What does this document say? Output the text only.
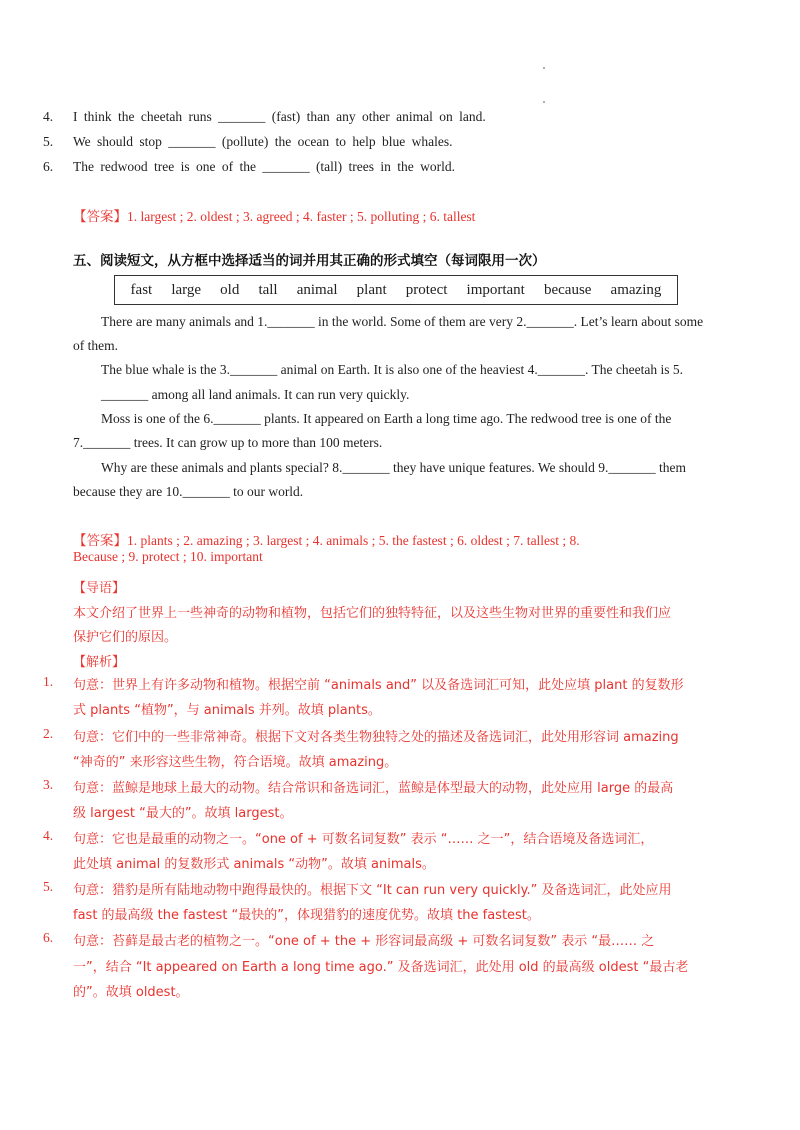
4. I think the cheetah runs _______ (fast) than any other animal on land.
5. We should stop _______ (pollute) the ocean to help blue whales.
6. The redwood tree is one of the _______ (tall) trees in the world.
【答案】1. largest ; 2. oldest ; 3. agreed ; 4. faster ; 5. polluting ; 6. tallest
五、阅读短文，从方框中选择适当的词并用其正确的形式填空（每词限用一次）
fast large old tall animal plant protect important because amazing
There are many animals and 1._______ in the world. Some of them are very 2._______. Let’s learn about some
of them.
The blue whale is the 3._______ animal on Earth. It is also one of the heaviest 4._______. The cheetah is 5.
_______ among all land animals. It can run very quickly.
Moss is one of the 6._______ plants. It appeared on Earth a long time ago. The redwood tree is one of the
7._______ trees. It can grow up to more than 100 meters.
Why are these animals and plants special? 8._______ they have unique features. We should 9._______ them
because they are 10._______ to our world.
【答案】1. plants ; 2. amazing ; 3. largest ; 4. animals ; 5. the fastest ; 6. oldest ; 7. tallest ; 8.
Because ; 9. protect ; 10. important
【导语】
本文介绍了世界上一些神奇的动物和植物，包括它们的独特特征，以及这些生物对世界的重要性和我们应
保护它们的原因。
【解析】
1. 句意：世界上有许多动物和植物。根据空前 “animals and” 以及备选词汇可知，此处应填 plant 的复数形
式 plants “植物”，与 animals 并列。故填 plants。
2. 句意：它们中的一些非常神奇。根据下文对各类生物独特之处的描述及备选词汇，此处用形容词 amazing
“神奇的” 来形容这些生物，符合语境。故填 amazing。
3. 句意：蓝鲸是地球上最大的动物。结合常识和备选词汇，蓝鲸是体型最大的动物，此处应用 large 的最高
级 largest “最大的”。故填 largest。
4. 句意：它也是最重的动物之一。“one of + 可数名词复数” 表示 “…… 之一”，结合语境及备选词汇，
此处填 animal 的复数形式 animals “动物”。故填 animals。
5. 句意：猎豹是所有陆地动物中跑得最快的。根据下文 “It can run very quickly.” 及备选词汇，此处应用
fast 的最高级 the fastest “最快的”，体现猎豹的速度优势。故填 the fastest。
6. 句意：苔藓是最古老的植物之一。“one of + the + 形容词最高级 + 可数名词复数” 表示 “最…… 之
一”，结合 “It appeared on Earth a long time ago.” 及备选词汇，此处用 old 的最高级 oldest “最古老
的”。故填 oldest。
